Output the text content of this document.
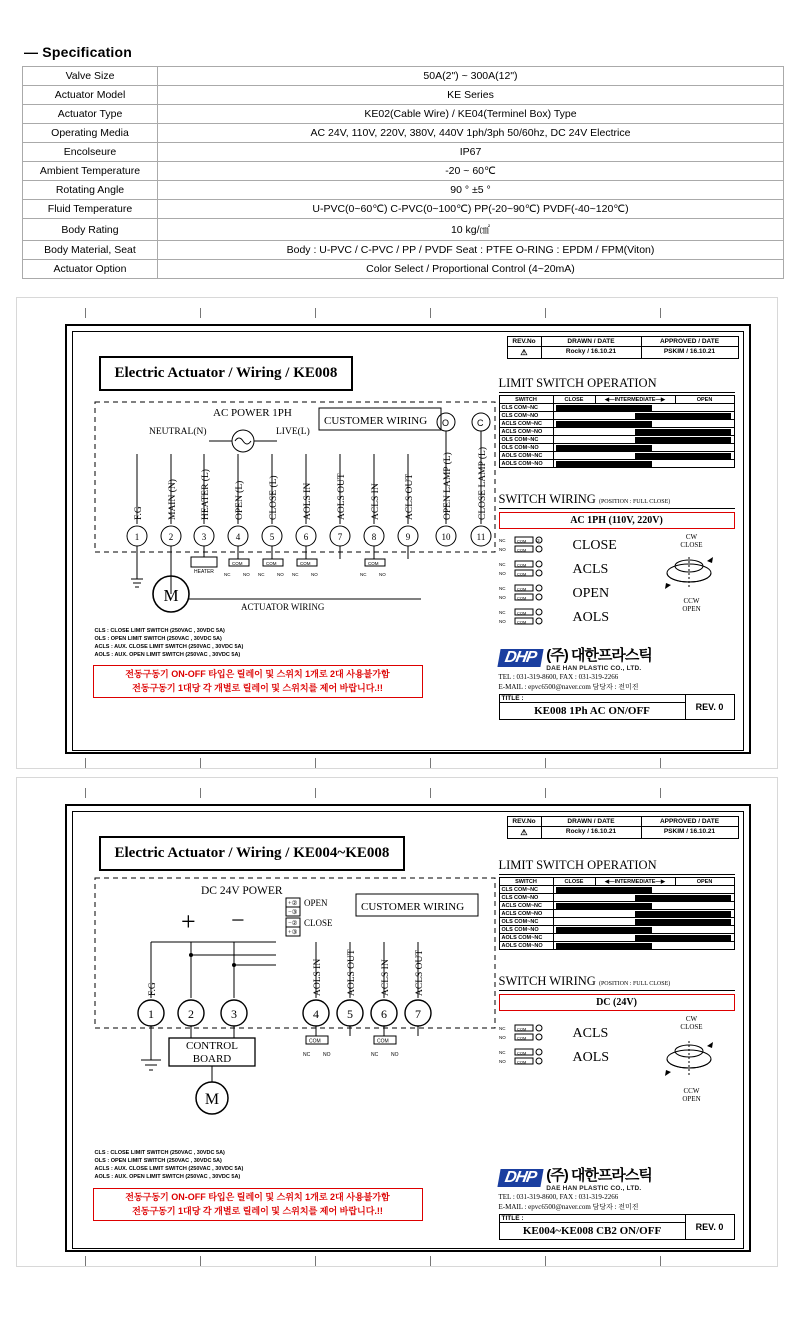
— Specification
Valve Size	50A(2") ~ 300A(12")
Actuator Model	KE Series
Actuator Type	KE02(Cable Wire) / KE04(Terminel Box) Type
Operating Media	AC 24V, 110V, 220V, 380V, 440V 1ph/3ph 50/60hz, DC 24V Electrice
Encolseure	IP67
Ambient Temperature	-20 ~ 60℃
Rotating Angle	90 ° ±5 °
Fluid Temperature	U-PVC(0~60℃) C-PVC(0~100℃) PP(-20~90℃) PVDF(-40~120℃)
Body Rating	10 kg/㎠
Body Material, Seat	Body : U-PVC / C-PVC / PP / PVDF Seat : PTFE O-RING : EPDM / FPM(Viton)
Actuator Option	Color Select / Proportional Control (4~20mA)
REV.No	DRAWN / DATE	APPROVED / DATE
⚠	Rocky / 16.10.21	PSKIM / 16.10.21
Electric Actuator / Wiring / KE008
AC POWER 1PH
NEUTRAL(N)	LIVE(L)
CUSTOMER WIRING O	C
F.G	MAIN (N) HEATER (L)	OPEN (L)	CLOSE (L)	AOLS IN	AOLS OUT	ACLS IN	ACLS OUT	OPEN LAMP (L)	CLOSE LAMP (L)
1	2	3	4	5	6	7	8	9	10	11
HEATER
M
COM
NC	NO
COM
NC	NO
COM
NC	NO
COM
NC	NO
ACTUATOR WIRING
LIMIT SWITCH OPERATION
SWITCH	CLOSE	◀—INTERMEDIATE—▶	OPEN
CLS COM~NC			

CLS COM~NO			

ACLS COM~NC			

ACLS COM~NO			

OLS COM~NC			

OLS COM~NO			

AOLS COM~NC			

AOLS COM~NO			
SWITCH WIRING (POSITION : FULL CLOSE)
AC 1PH (110V, 220V)
NC	COM	①
NO	COM	CLOSE
NC	COM
NO	COM	ACLS
NC	COM
NO	COM	OPEN
NC	COM
NO	COM	AOLS
CW
CLOSE
CCW
OPEN
CLS : CLOSE LIMIT SWITCH (250VAC , 30VDC 5A)
OLS : OPEN LIMIT SWITCH (250VAC , 30VDC 5A)
ACLS : AUX. CLOSE LIMIT SWITCH (250VAC , 30VDC 5A)
AOLS : AUX. OPEN LIMIT SWITCH (250VAC , 30VDC 5A)
전동구동기 ON-OFF 타입은 릴레이 및 스위치 1개로 2대 사용불가함
전동구동기 1대당 각 개별로 릴레이 및 스위치를 제어 바랍니다.!!
DHP (주) 대한프라스틱
DAE HAN PLASTIC CO., LTD.
TEL : 031-319-8600, FAX : 031-319-2266
E-MAIL : epvc6500@naver.com 담당자 : 전미진
TITLE :
KE008 1Ph AC ON/OFF	REV. 0
REV.No	DRAWN / DATE	APPROVED / DATE
⚠	Rocky / 16.10.21	PSKIM / 16.10.21
Electric Actuator / Wiring / KE004~KE008
DC 24V POWER
+ −
+②
−③
OPEN
−②
+③
CLOSE
CUSTOMER WIRING
F.G	AOLS IN	AOLS OUT	ACLS IN	ACLS OUT
1	2	3	4 5 6 7
CONTROL
BOARD
M
COM
NC	NO
COM
NC	NO
LIMIT SWITCH OPERATION
SWITCH	CLOSE	◀—INTERMEDIATE—▶	OPEN
CLS COM~NC			

CLS COM~NO			

ACLS COM~NC			

ACLS COM~NO			

OLS COM~NC			

OLS COM~NO			

AOLS COM~NC			

AOLS COM~NO			
SWITCH WIRING (POSITION : FULL CLOSE)
DC (24V)
NC	COM
NO	COM	ACLS
NC	COM
NO	COM	AOLS
CW
CLOSE
CCW
OPEN
CLS : CLOSE LIMIT SWITCH (250VAC , 30VDC 5A)
OLS : OPEN LIMIT SWITCH (250VAC , 30VDC 5A)
ACLS : AUX. CLOSE LIMIT SWITCH (250VAC , 30VDC 5A)
AOLS : AUX. OPEN LIMIT SWITCH (250VAC , 30VDC 5A)
전동구동기 ON-OFF 타입은 릴레이 및 스위치 1개로 2대 사용불가함
전동구동기 1대당 각 개별로 릴레이 및 스위치를 제어 바랍니다.!!
DHP (주) 대한프라스틱
DAE HAN PLASTIC CO., LTD.
TEL : 031-319-8600, FAX : 031-319-2266
E-MAIL : epvc6500@naver.com 담당자 : 전미진
TITLE :
KE004~KE008 CB2 ON/OFF	REV. 0
